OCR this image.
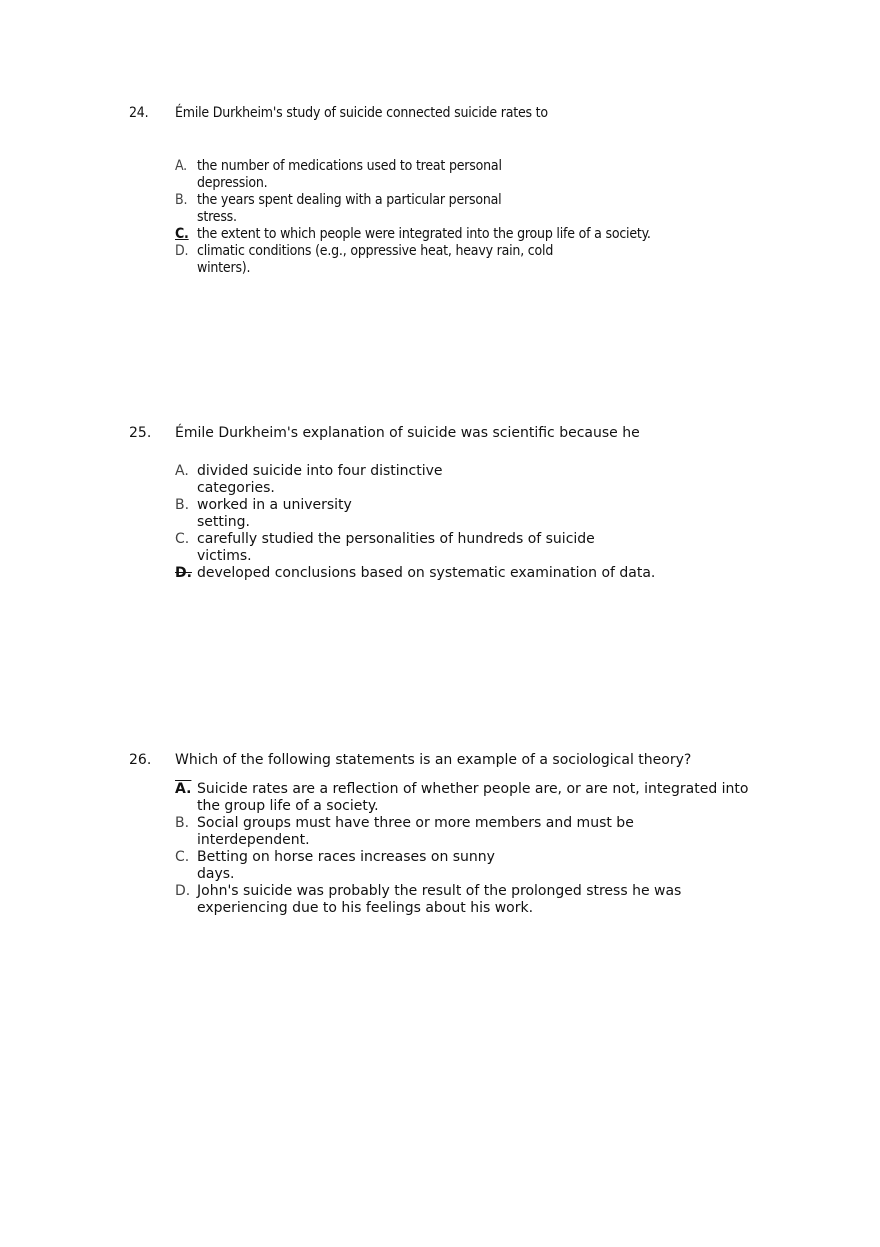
24.	Émile Durkheim's study of suicide connected suicide rates to
A. the number of medications used to treat personal
depression.
B. the years spent dealing with a particular personal
stress.
C. the extent to which people were integrated into the group life of a society.
D. climatic conditions (e.g., oppressive heat, heavy rain, cold
winters).
25.	Émile Durkheim's explanation of suicide was scientific because he
A. divided suicide into four distinctive
categories.
B. worked in a university
setting.
C. carefully studied the personalities of hundreds of suicide
victims.
D. developed conclusions based on systematic examination of data.
26.	Which of the following statements is an example of a sociological theory?
A. Suicide rates are a reflection of whether people are, or are not, integrated into
the group life of a society.
B. Social groups must have three or more members and must be
interdependent.
C. Betting on horse races increases on sunny
days.
D. John's suicide was probably the result of the prolonged stress he was
experiencing due to his feelings about his work.
